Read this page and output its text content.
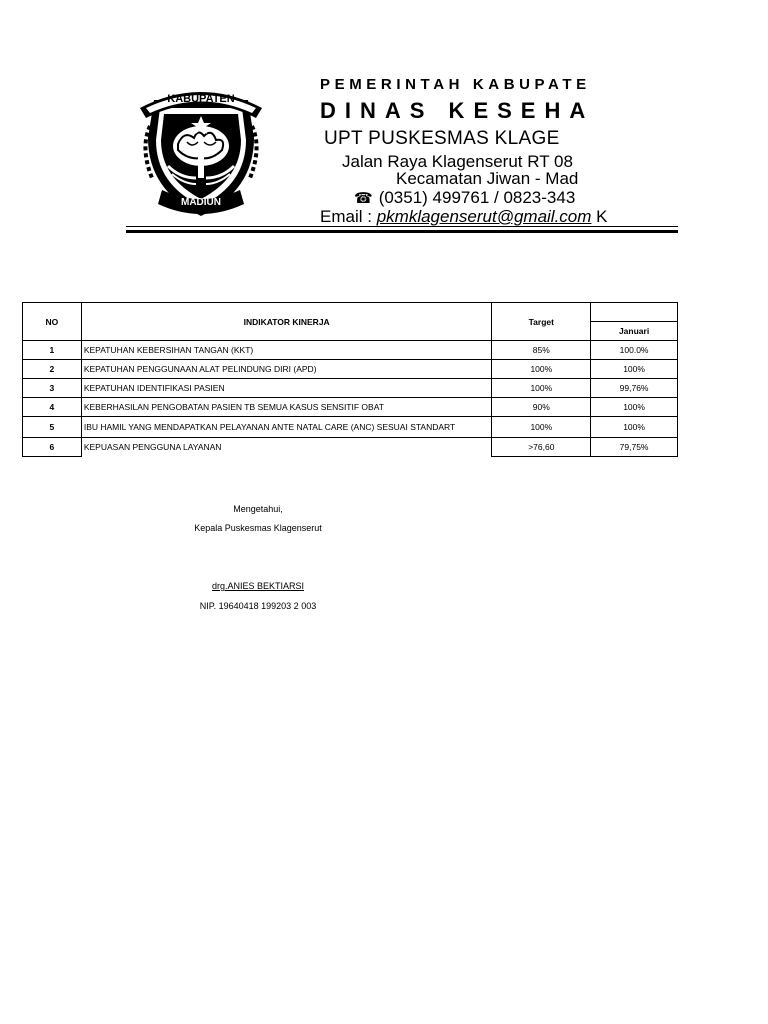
KABUPATEN
MADIUN
PEMERINTAH KABUPATE
DINAS KESEHA
UPT PUSKESMAS KLAGE
Jalan Raya Klagenserut RT 08
Kecamatan Jiwan - Mad
☎ (0351) 499761 / 0823-343
Email : pkmklagenserut@gmail.com K
NO	INDIKATOR KINERJA	Target	
			Januari
1	KEPATUHAN KEBERSIHAN TANGAN (KKT)	85%	100.0%
2	KEPATUHAN PENGGUNAAN ALAT PELINDUNG DIRI (APD)	100%	100%
3	KEPATUHAN IDENTIFIKASI PASIEN	100%	99,76%
4	KEBERHASILAN PENGOBATAN PASIEN TB SEMUA KASUS SENSITIF OBAT	90%	100%
5	IBU HAMIL YANG MENDAPATKAN PELAYANAN ANTE NATAL CARE (ANC) SESUAI STANDART	100%	100%
6	KEPUASAN PENGGUNA LAYANAN	>76,60	79,75%
Mengetahui,
Kepala Puskesmas Klagenserut
drg.ANIES BEKTIARSI
NIP. 19640418 199203 2 003
